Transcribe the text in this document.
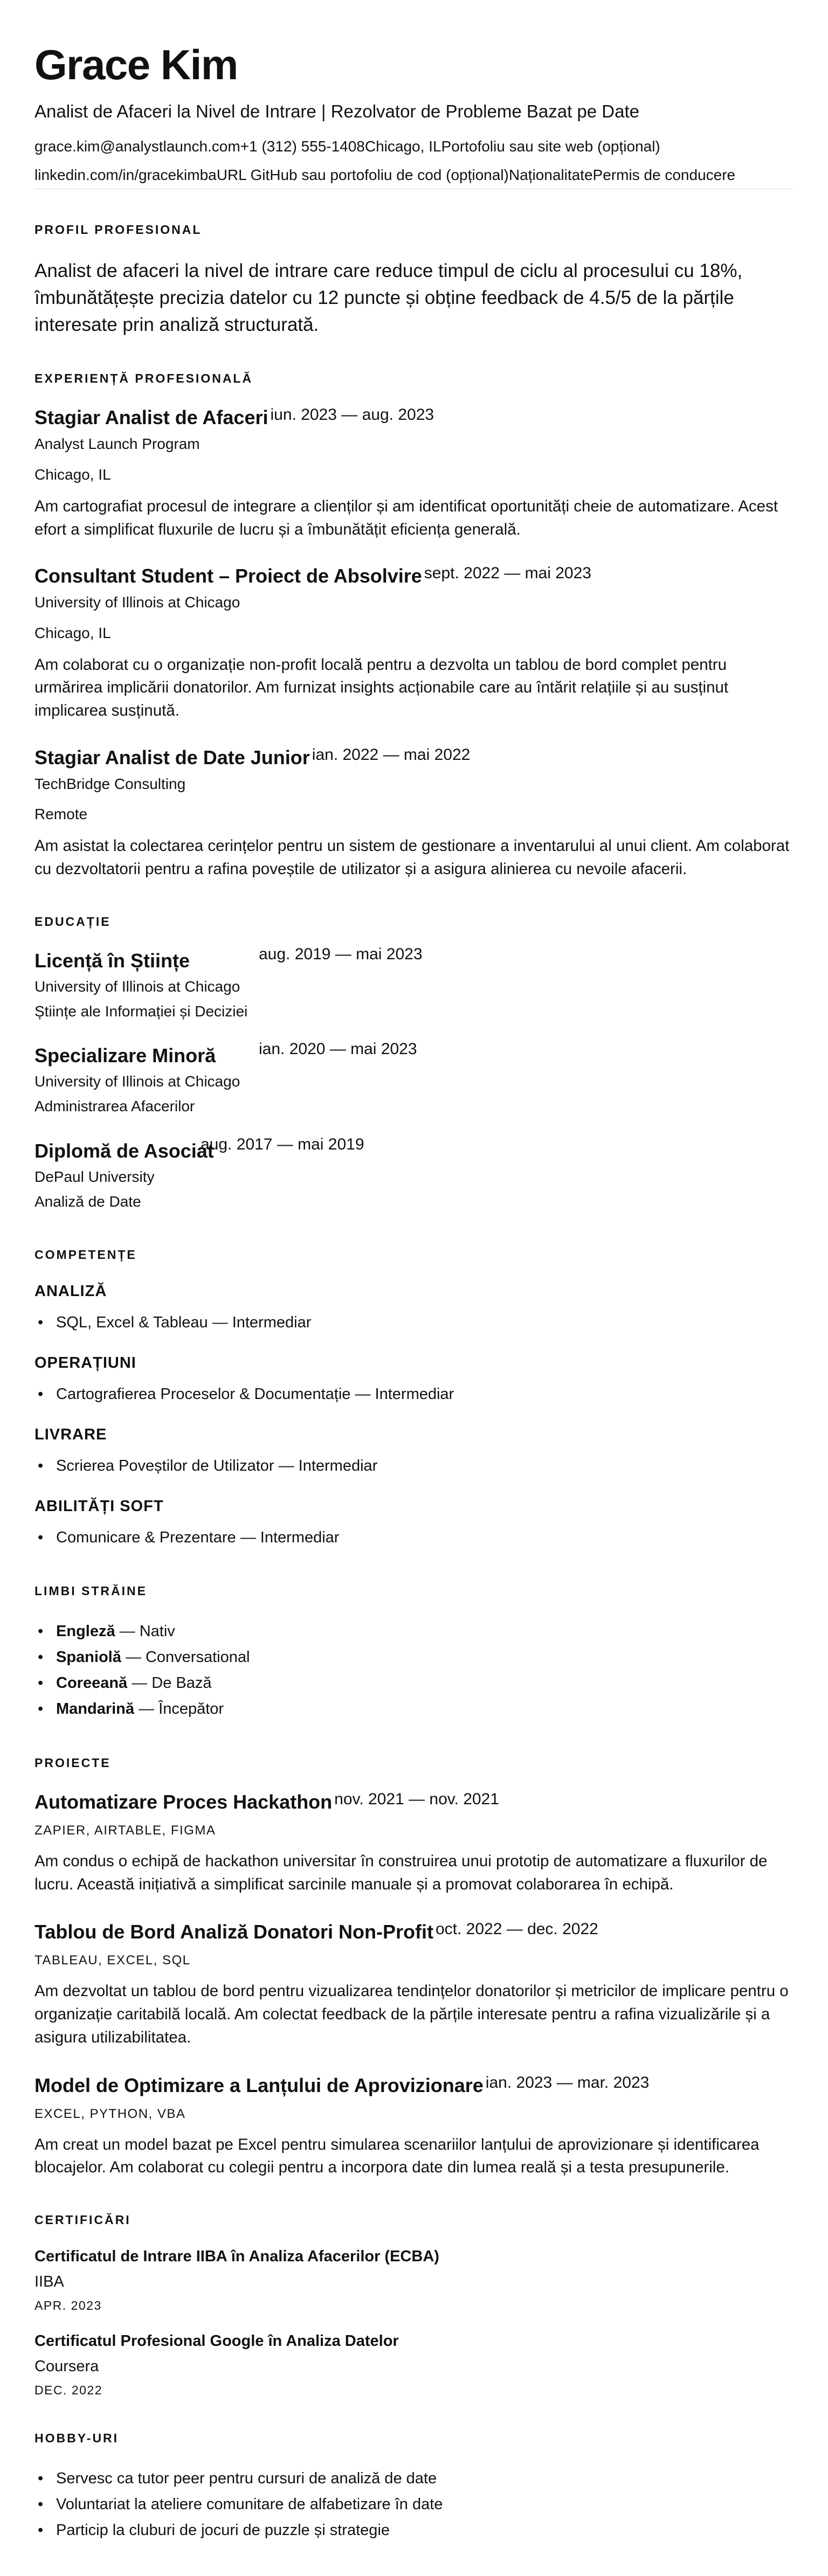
Grace Kim
Analist de Afaceri la Nivel de Intrare | Rezolvator de Probleme Bazat pe Date
grace.kim@analystlaunch.com+1 (312) 555-1408Chicago, ILPortofoliu sau site web (opțional)
linkedin.com/in/gracekimbaURL GitHub sau portofoliu de cod (opțional)NaționalitatePermis de conducere
PROFIL PROFESIONAL

Analist de afaceri la nivel de intrare care reduce timpul de ciclu al procesului cu 18%, îmbunătățește precizia datelor cu 12 puncte și obține feedback de 4.5/5 de la părțile interesate prin analiză structurată.

EXPERIENȚĂ PROFESIONALĂ
Stagiar Analist de Afaceri iun. 2023 — aug. 2023
Analyst Launch Program
Chicago, IL

Am cartografiat procesul de integrare a clienților și am identificat oportunități cheie de automatizare. Acest efort a simplificat fluxurile de lucru și a îmbunătățit eficiența generală.

Consultant Student – Proiect de Absolvire sept. 2022 — mai 2023
University of Illinois at Chicago
Chicago, IL

Am colaborat cu o organizație non-profit locală pentru a dezvolta un tablou de bord complet pentru urmărirea implicării donatorilor. Am furnizat insights acționabile care au întărit relațiile și au susținut implicarea susținută.

Stagiar Analist de Date Junior ian. 2022 — mai 2022
TechBridge Consulting
Remote

Am asistat la colectarea cerințelor pentru un sistem de gestionare a inventarului al unui client. Am colaborat cu dezvoltatorii pentru a rafina poveștile de utilizator și a asigura alinierea cu nevoile afacerii.

EDUCAȚIE
Licență în Științe	aug. 2019 — mai 2023
University of Illinois at Chicago
Științe ale Informației și Deciziei
Specializare Minoră	ian. 2020 — mai 2023
University of Illinois at Chicago
Administrarea Afacerilor
Diplomă de Asociat
aug. 2017 — mai 2019
DePaul University
Analiză de Date
COMPETENȚE
ANALIZĂ
• SQL, Excel & Tableau — Intermediar
OPERAȚIUNI
• Cartografierea Proceselor & Documentație — Intermediar
LIVRARE
• Scrierea Poveștilor de Utilizator — Intermediar
ABILITĂȚI SOFT
• Comunicare & Prezentare — Intermediar
LIMBI STRĂINE
• Engleză — Nativ
• Spaniolă — Conversational
• Coreeană — De Bază
• Mandarină — Începător
PROIECTE
Automatizare Proces Hackathon nov. 2021 — nov. 2021
ZAPIER, AIRTABLE, FIGMA

Am condus o echipă de hackathon universitar în construirea unui prototip de automatizare a fluxurilor de lucru. Această inițiativă a simplificat sarcinile manuale și a promovat colaborarea în echipă.

Tablou de Bord Analiză Donatori Non-Profit oct. 2022 — dec. 2022
TABLEAU, EXCEL, SQL

Am dezvoltat un tablou de bord pentru vizualizarea tendințelor donatorilor și metricilor de implicare pentru o organizație caritabilă locală. Am colectat feedback de la părțile interesate pentru a rafina vizualizările și a asigura utilizabilitatea.

Model de Optimizare a Lanțului de Aprovizionare ian. 2023 — mar. 2023
EXCEL, PYTHON, VBA

Am creat un model bazat pe Excel pentru simularea scenariilor lanțului de aprovizionare și identificarea blocajelor. Am colaborat cu colegii pentru a incorpora date din lumea reală și a testa presupunerile.

CERTIFICĂRI
Certificatul de Intrare IIBA în Analiza Afacerilor (ECBA)
IIBA
APR. 2023
Certificatul Profesional Google în Analiza Datelor
Coursera
DEC. 2022
HOBBY-URI
• Servesc ca tutor peer pentru cursuri de analiză de date
• Voluntariat la ateliere comunitare de alfabetizare în date
• Particip la cluburi de jocuri de puzzle și strategie
